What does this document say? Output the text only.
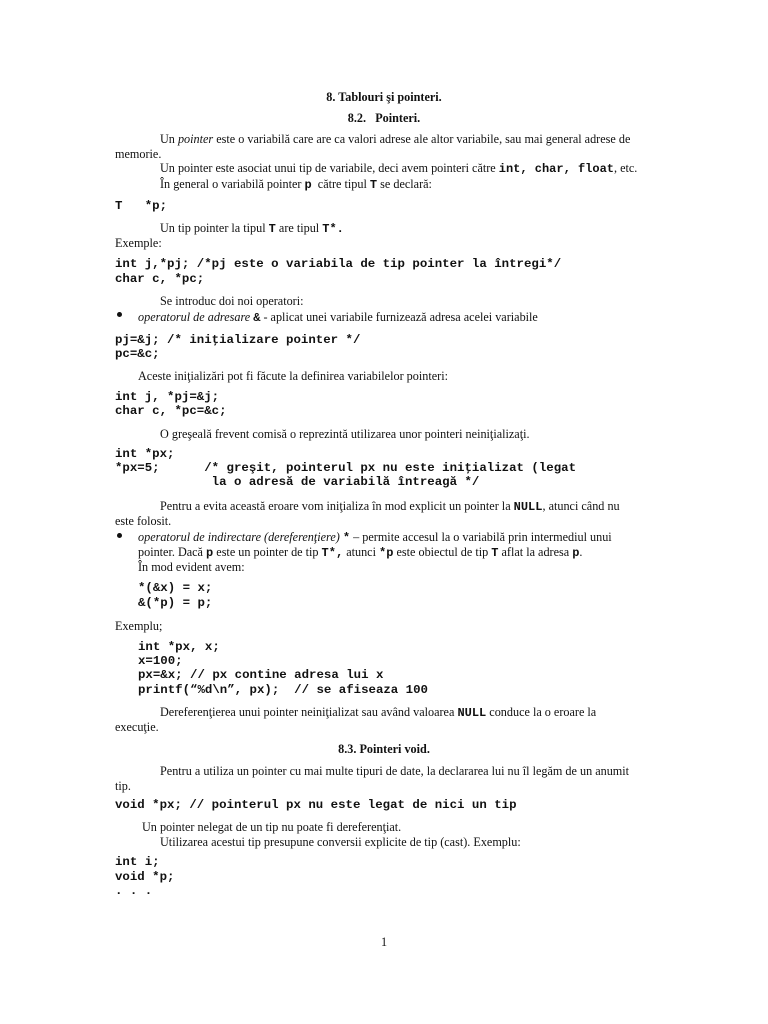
8. Tablouri şi pointeri.
8.2.   Pointeri.
Un pointer este o variabilă care are ca valori adrese ale altor variabile, sau mai general adrese de
memorie.
Un pointer este asociat unui tip de variabile, deci avem pointeri către int, char, float, etc.
În general o variabilă pointer p  către tipul T se declară:
T   *p;
Un tip pointer la tipul T are tipul T*.
Exemple:
int j,*pj; /*pj este o variabila de tip pointer la întregi*/
char c, *pc;
Se introduc doi noi operatori:
operatorul de adresare & - aplicat unei variabile furnizează adresa acelei variabile
pj=&j; /* iniţializare pointer */
pc=&c;
Aceste iniţializări pot fi făcute la definirea variabilelor pointeri:
int j, *pj=&j;
char c, *pc=&c;
O greşeală frevent comisă o reprezintă utilizarea unor pointeri neiniţializaţi.
int *px;
*px=5;      /* greşit, pointerul px nu este iniţializat (legat
la o adresă de variabilă întreagă */
Pentru a evita această eroare vom iniţializa în mod explicit un pointer la NULL, atunci când nu
este folosit.
operatorul de indirectare (dereferenţiere) * – permite accesul la o variabilă prin intermediul unui
pointer. Dacă p este un pointer de tip T*, atunci *p este obiectul de tip T aflat la adresa p.
În mod evident avem:
*(&x) = x;
&(*p) = p;
Exemplu;
int *px, x;
x=100;
px=&x; // px contine adresa lui x
printf(“%d\n”, px);  // se afiseaza 100
Dereferenţierea unui pointer neiniţializat sau având valoarea NULL conduce la o eroare la
execuţie.
8.3. Pointeri void.
Pentru a utiliza un pointer cu mai multe tipuri de date, la declararea lui nu îl legăm de un anumit
tip.
void *px; // pointerul px nu este legat de nici un tip
Un pointer nelegat de un tip nu poate fi dereferenţiat.
Utilizarea acestui tip presupune conversii explicite de tip (cast). Exemplu:
int i;
void *p;
. . .
1
